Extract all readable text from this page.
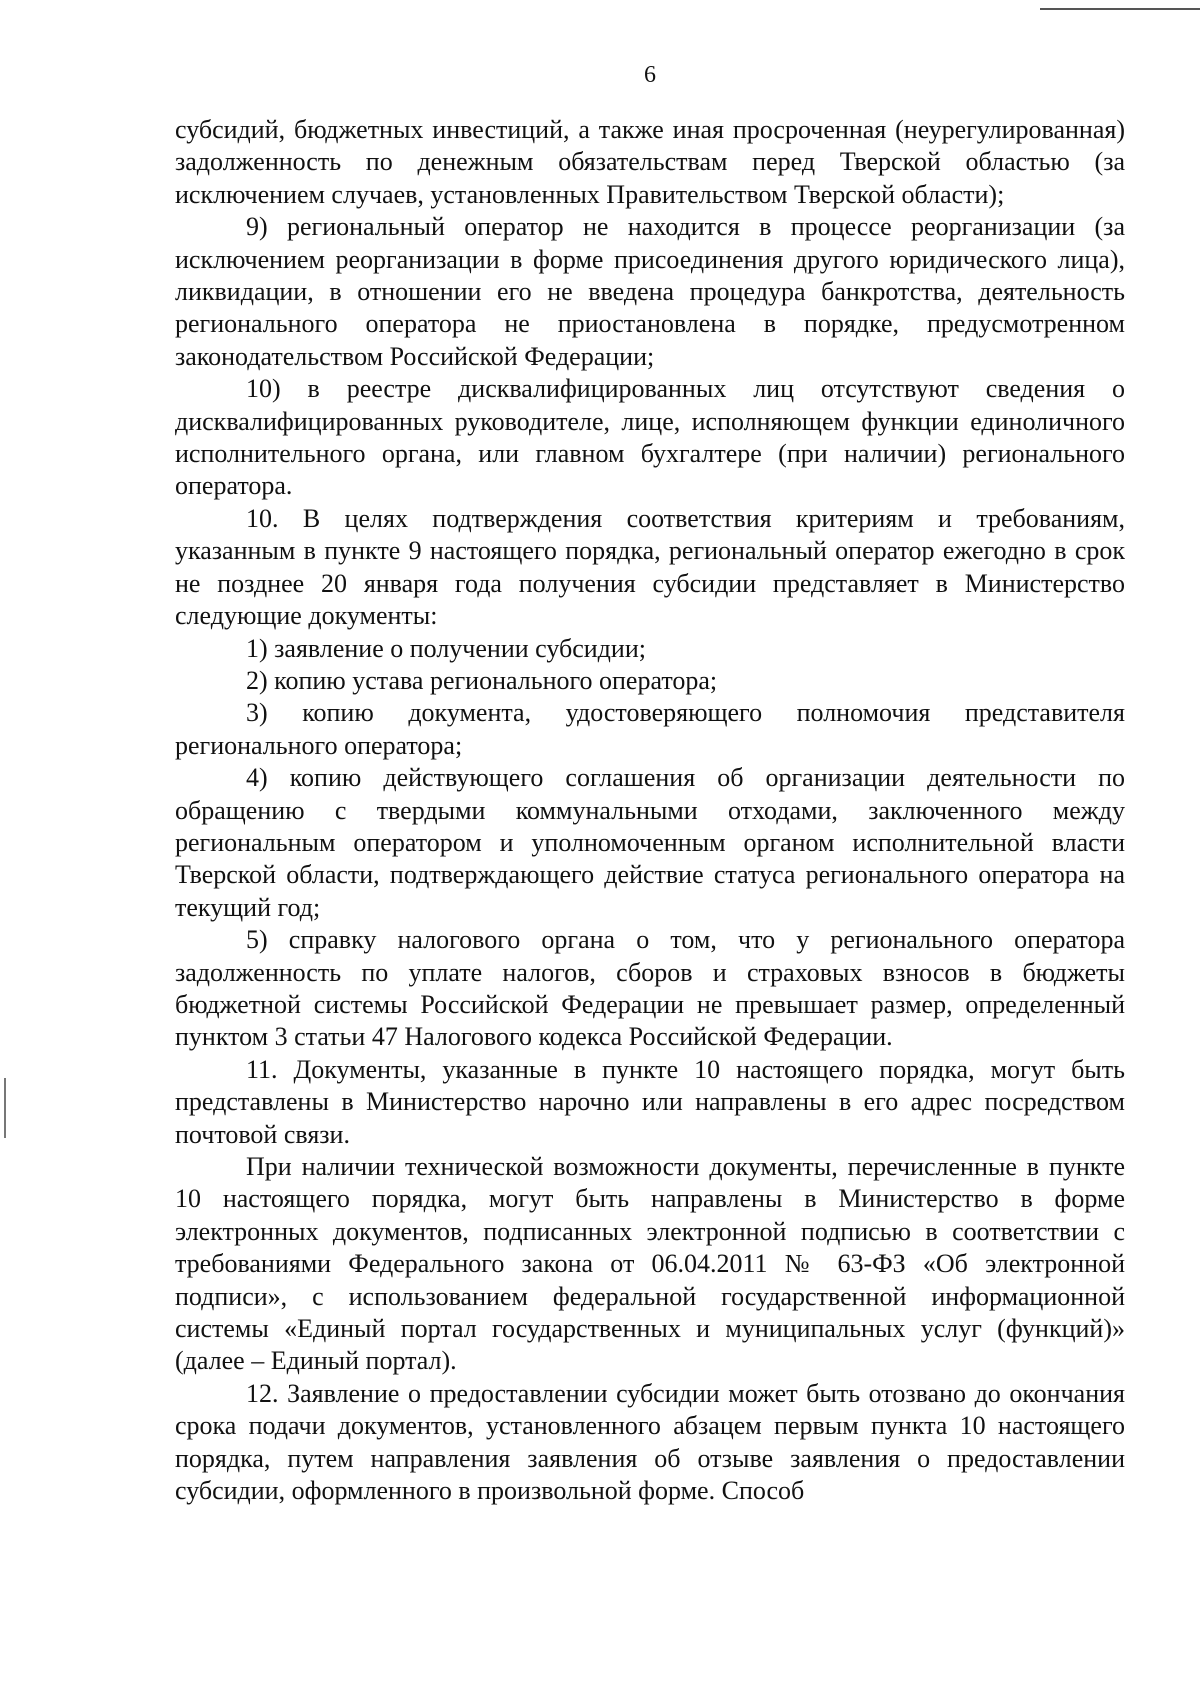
6

субсидий, бюджетных инвестиций, а также иная просроченная (неурегулированная) задолженность по денежным обязательствам перед Тверской областью (за исключением случаев, установленных Правительством Тверской области);

9) региональный оператор не находится в процессе реорганизации (за исключением реорганизации в форме присоединения другого юридического лица), ликвидации, в отношении его не введена процедура банкротства, деятельность регионального оператора не приостановлена в порядке, предусмотренном законодательством Российской Федерации;

10) в реестре дисквалифицированных лиц отсутствуют сведения о дисквалифицированных руководителе, лице, исполняющем функции единоличного исполнительного органа, или главном бухгалтере (при наличии) регионального оператора.

10. В целях подтверждения соответствия критериям и требованиям, указанным в пункте 9 настоящего порядка, региональный оператор ежегодно в срок не позднее 20 января года получения субсидии представляет в Министерство следующие документы:

1) заявление о получении субсидии;

2) копию устава регионального оператора;

3) копию документа, удостоверяющего полномочия представителя регионального оператора;

4) копию действующего соглашения об организации деятельности по обращению с твердыми коммунальными отходами, заключенного между региональным оператором и уполномоченным органом исполнительной власти Тверской области, подтверждающего действие статуса регионального оператора на текущий год;

5) справку налогового органа о том, что у регионального оператора задолженность по уплате налогов, сборов и страховых взносов в бюджеты бюджетной системы Российской Федерации не превышает размер, определенный пунктом 3 статьи 47 Налогового кодекса Российской Федерации.

11. Документы, указанные в пункте 10 настоящего порядка, могут быть представлены в Министерство нарочно или направлены в его адрес посредством почтовой связи.

При наличии технической возможности документы, перечисленные в пункте 10 настоящего порядка, могут быть направлены в Министерство в форме электронных документов, подписанных электронной подписью в соответствии с требованиями Федерального закона от 06.04.2011 № 63-ФЗ «Об электронной подписи», с использованием федеральной государственной информационной системы «Единый портал государственных и муниципальных услуг (функций)» (далее – Единый портал).

12. Заявление о предоставлении субсидии может быть отозвано до окончания срока подачи документов, установленного абзацем первым пункта 10 настоящего порядка, путем направления заявления об отзыве заявления о предоставлении субсидии, оформленного в произвольной форме. Способ
